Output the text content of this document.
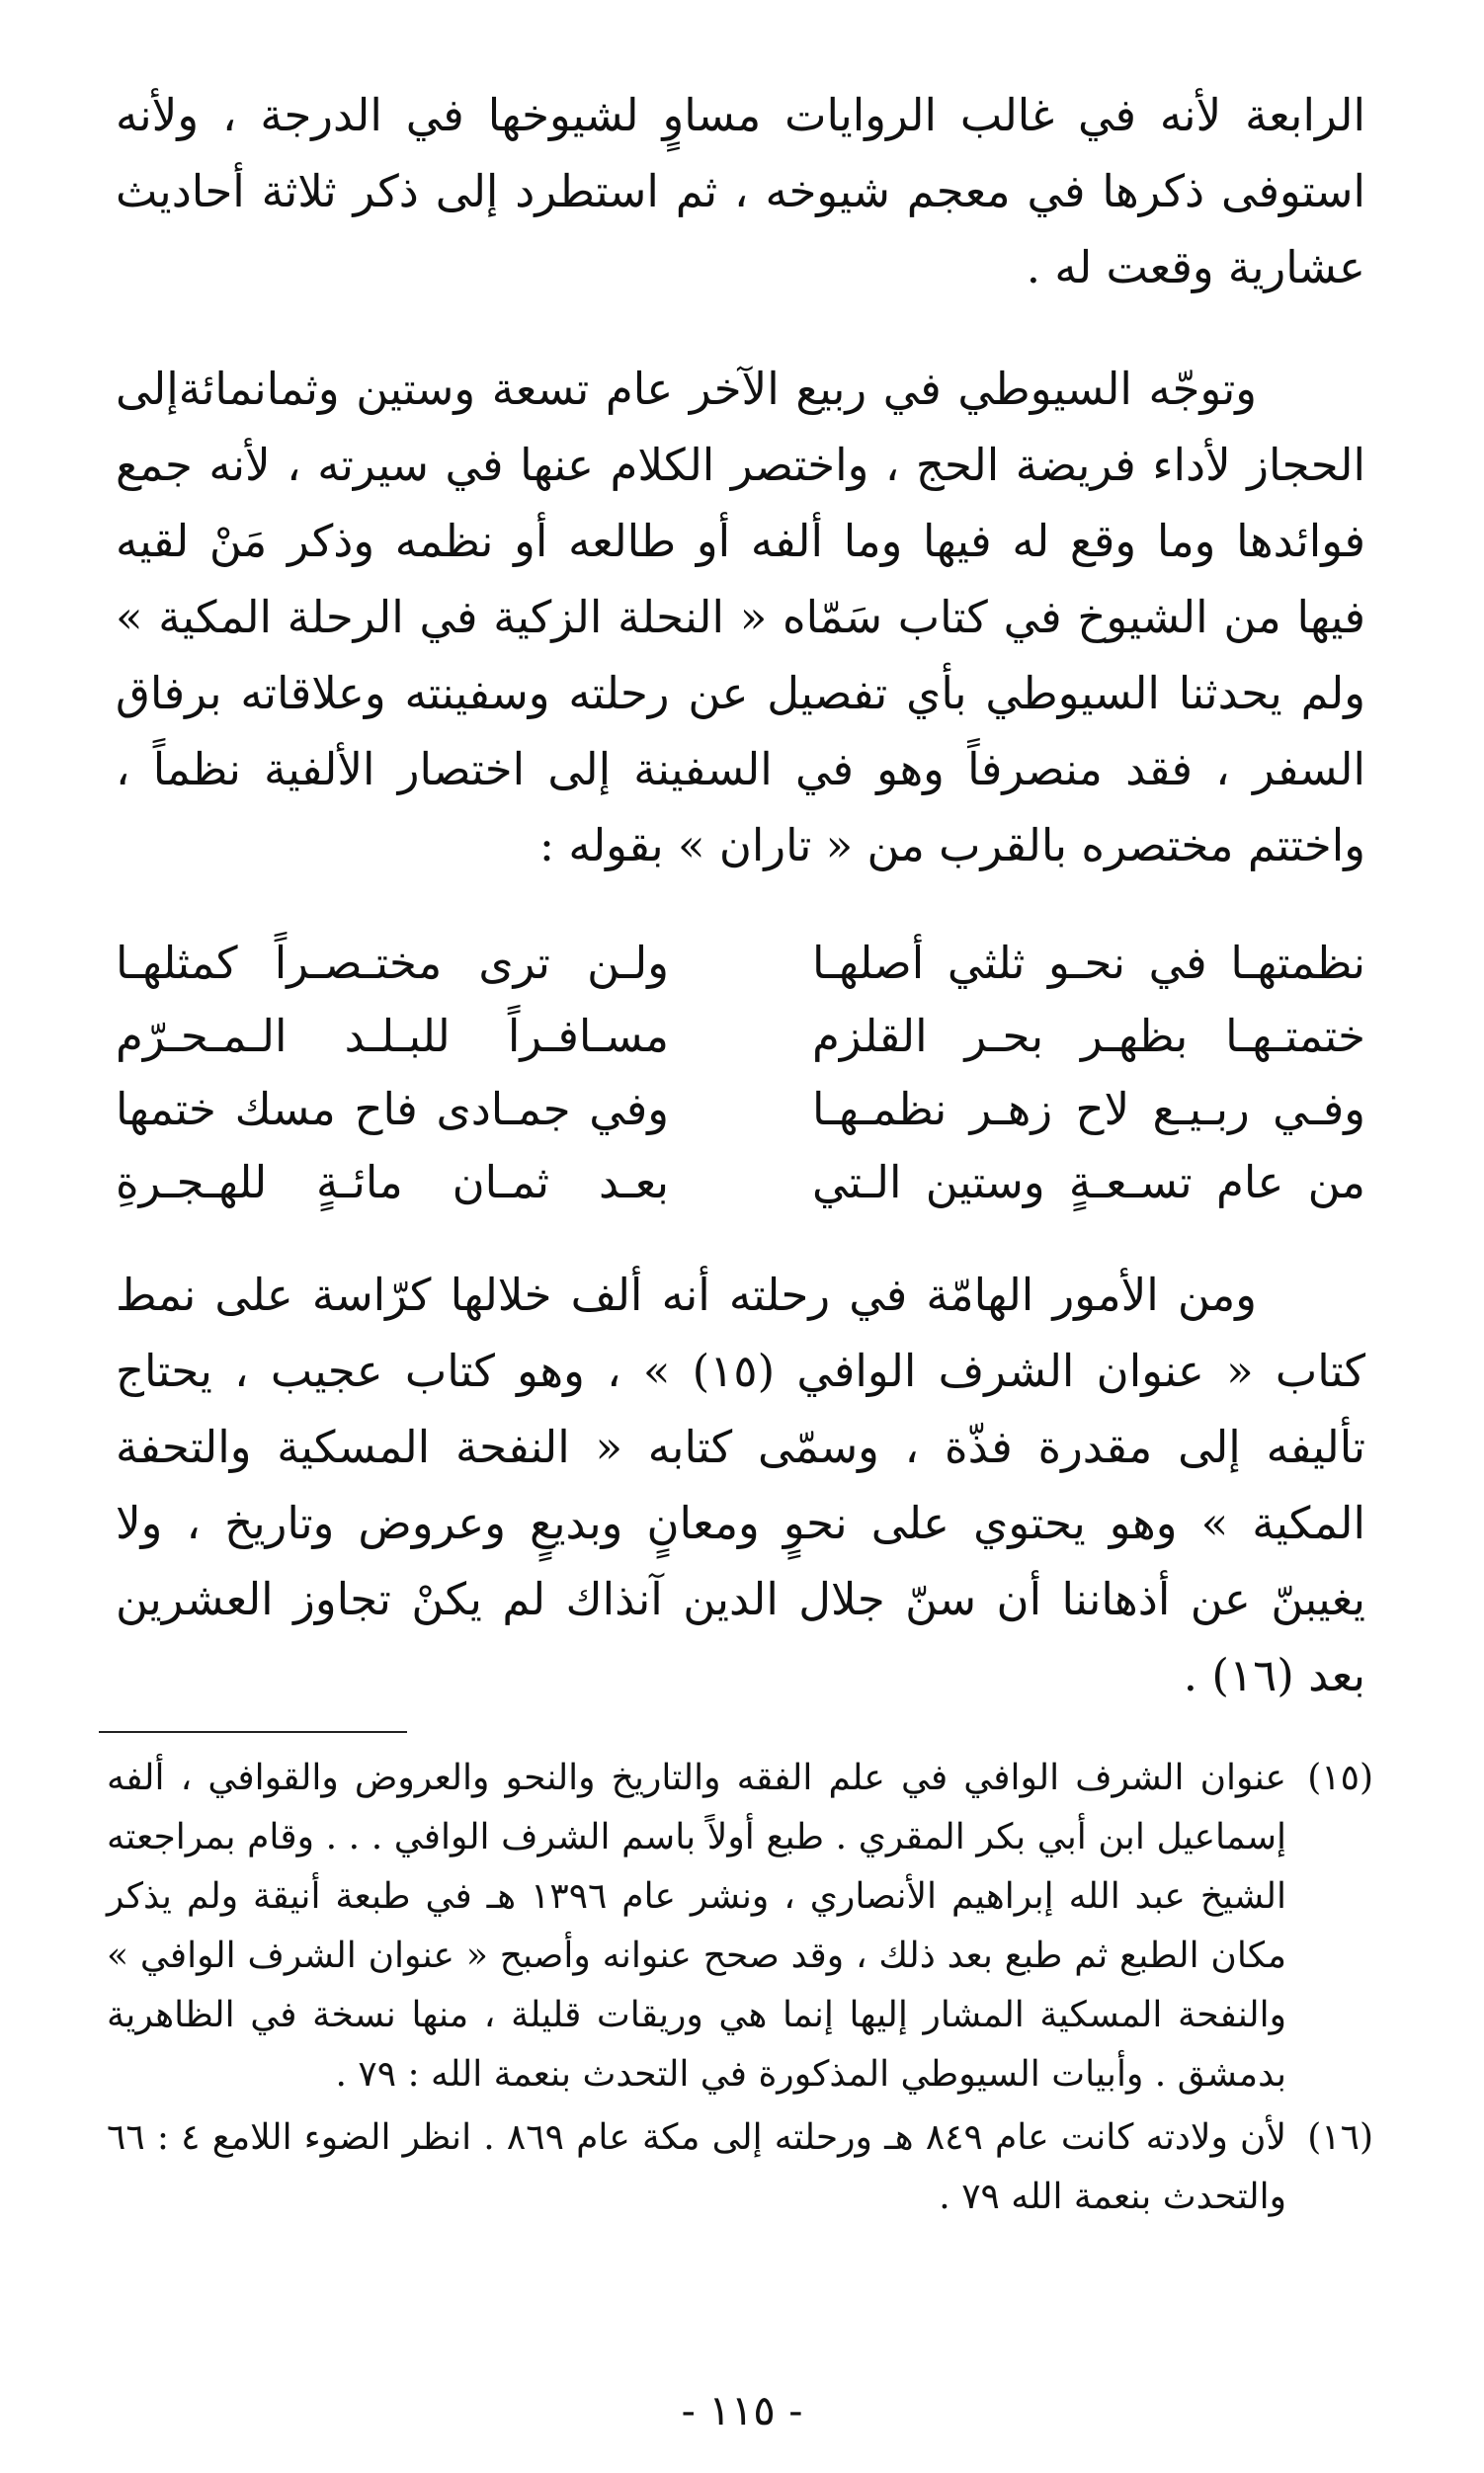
الرابعة لأنه في غالب الروايات مساوٍ لشيوخها في الدرجة ، ولأنه استوفى ذكرها في معجم شيوخه ، ثم استطرد إلى ذكر ثلاثة أحاديث عشارية وقعت له .

وتوجّه السيوطي في ربيع الآخر عام تسعة وستين وثمانمائةإلى الحجاز لأداء فريضة الحج ، واختصر الكلام عنها في سيرته ، لأنه جمع فوائدها وما وقع له فيها وما ألفه أو طالعه أو نظمه وذكر مَنْ لقيه فيها من الشيوخ في كتاب سَمّاه « النحلة الزكية في الرحلة المكية » ولم يحدثنا السيوطي بأي تفصيل عن رحلته وسفينته وعلاقاته برفاق السفر ، فقد منصرفاً وهو في السفينة إلى اختصار الألفية نظماً ، واختتم مختصره بالقرب من « تاران » بقوله :

نظمتهـا في نحـو ثلثي أصلهـا
ولـن ترى مختـصـراً كمثلهـا
ختمتـهـا بظهـر بحـر القلزم
مسـافـراً للبـلـد الـمـحـرّم
وفـي ربـيـع لاح زهـر نظمـهـا
وفي جمـادى فاح مسك ختمها
من عام تسـعـةٍ وستين الـتي
بعـد ثمـان مائـةٍ للهـجـرةِ

ومن الأمور الهامّة في رحلته أنه ألف خلالها كرّاسة على نمط كتاب « عنوان الشرف الوافي (١٥) » ، وهو كتاب عجيب ، يحتاج تأليفه إلى مقدرة فذّة ، وسمّى كتابه « النفحة المسكية والتحفة المكية » وهو يحتوي على نحوٍ ومعانٍ وبديعٍ وعروض وتاريخ ، ولا يغيبنّ عن أذهاننا أن سنّ جلال الدين آنذاك لم يكنْ تجاوز العشرين بعد (١٦) .

(١٥)
عنوان الشرف الوافي في علم الفقه والتاريخ والنحو والعروض والقوافي ، ألفه إسماعيل ابن أبي بكر المقري . طبع أولاً باسم الشرف الوافي . . . وقام بمراجعته الشيخ عبد الله إبراهيم الأنصاري ، ونشر عام ١٣٩٦ هـ في طبعة أنيقة ولم يذكر مكان الطبع ثم طبع بعد ذلك ، وقد صحح عنوانه وأصبح « عنوان الشرف الوافي » والنفحة المسكية المشار إليها إنما هي وريقات قليلة ، منها نسخة في الظاهرية بدمشق . وأبيات السيوطي المذكورة في التحدث بنعمة الله : ٧٩ .
(١٦)
لأن ولادته كانت عام ٨٤٩ هـ ورحلته إلى مكة عام ٨٦٩ . انظر الضوء اللامع ٤ : ٦٦ والتحدث بنعمة الله ٧٩ .
- ١١٥ -
